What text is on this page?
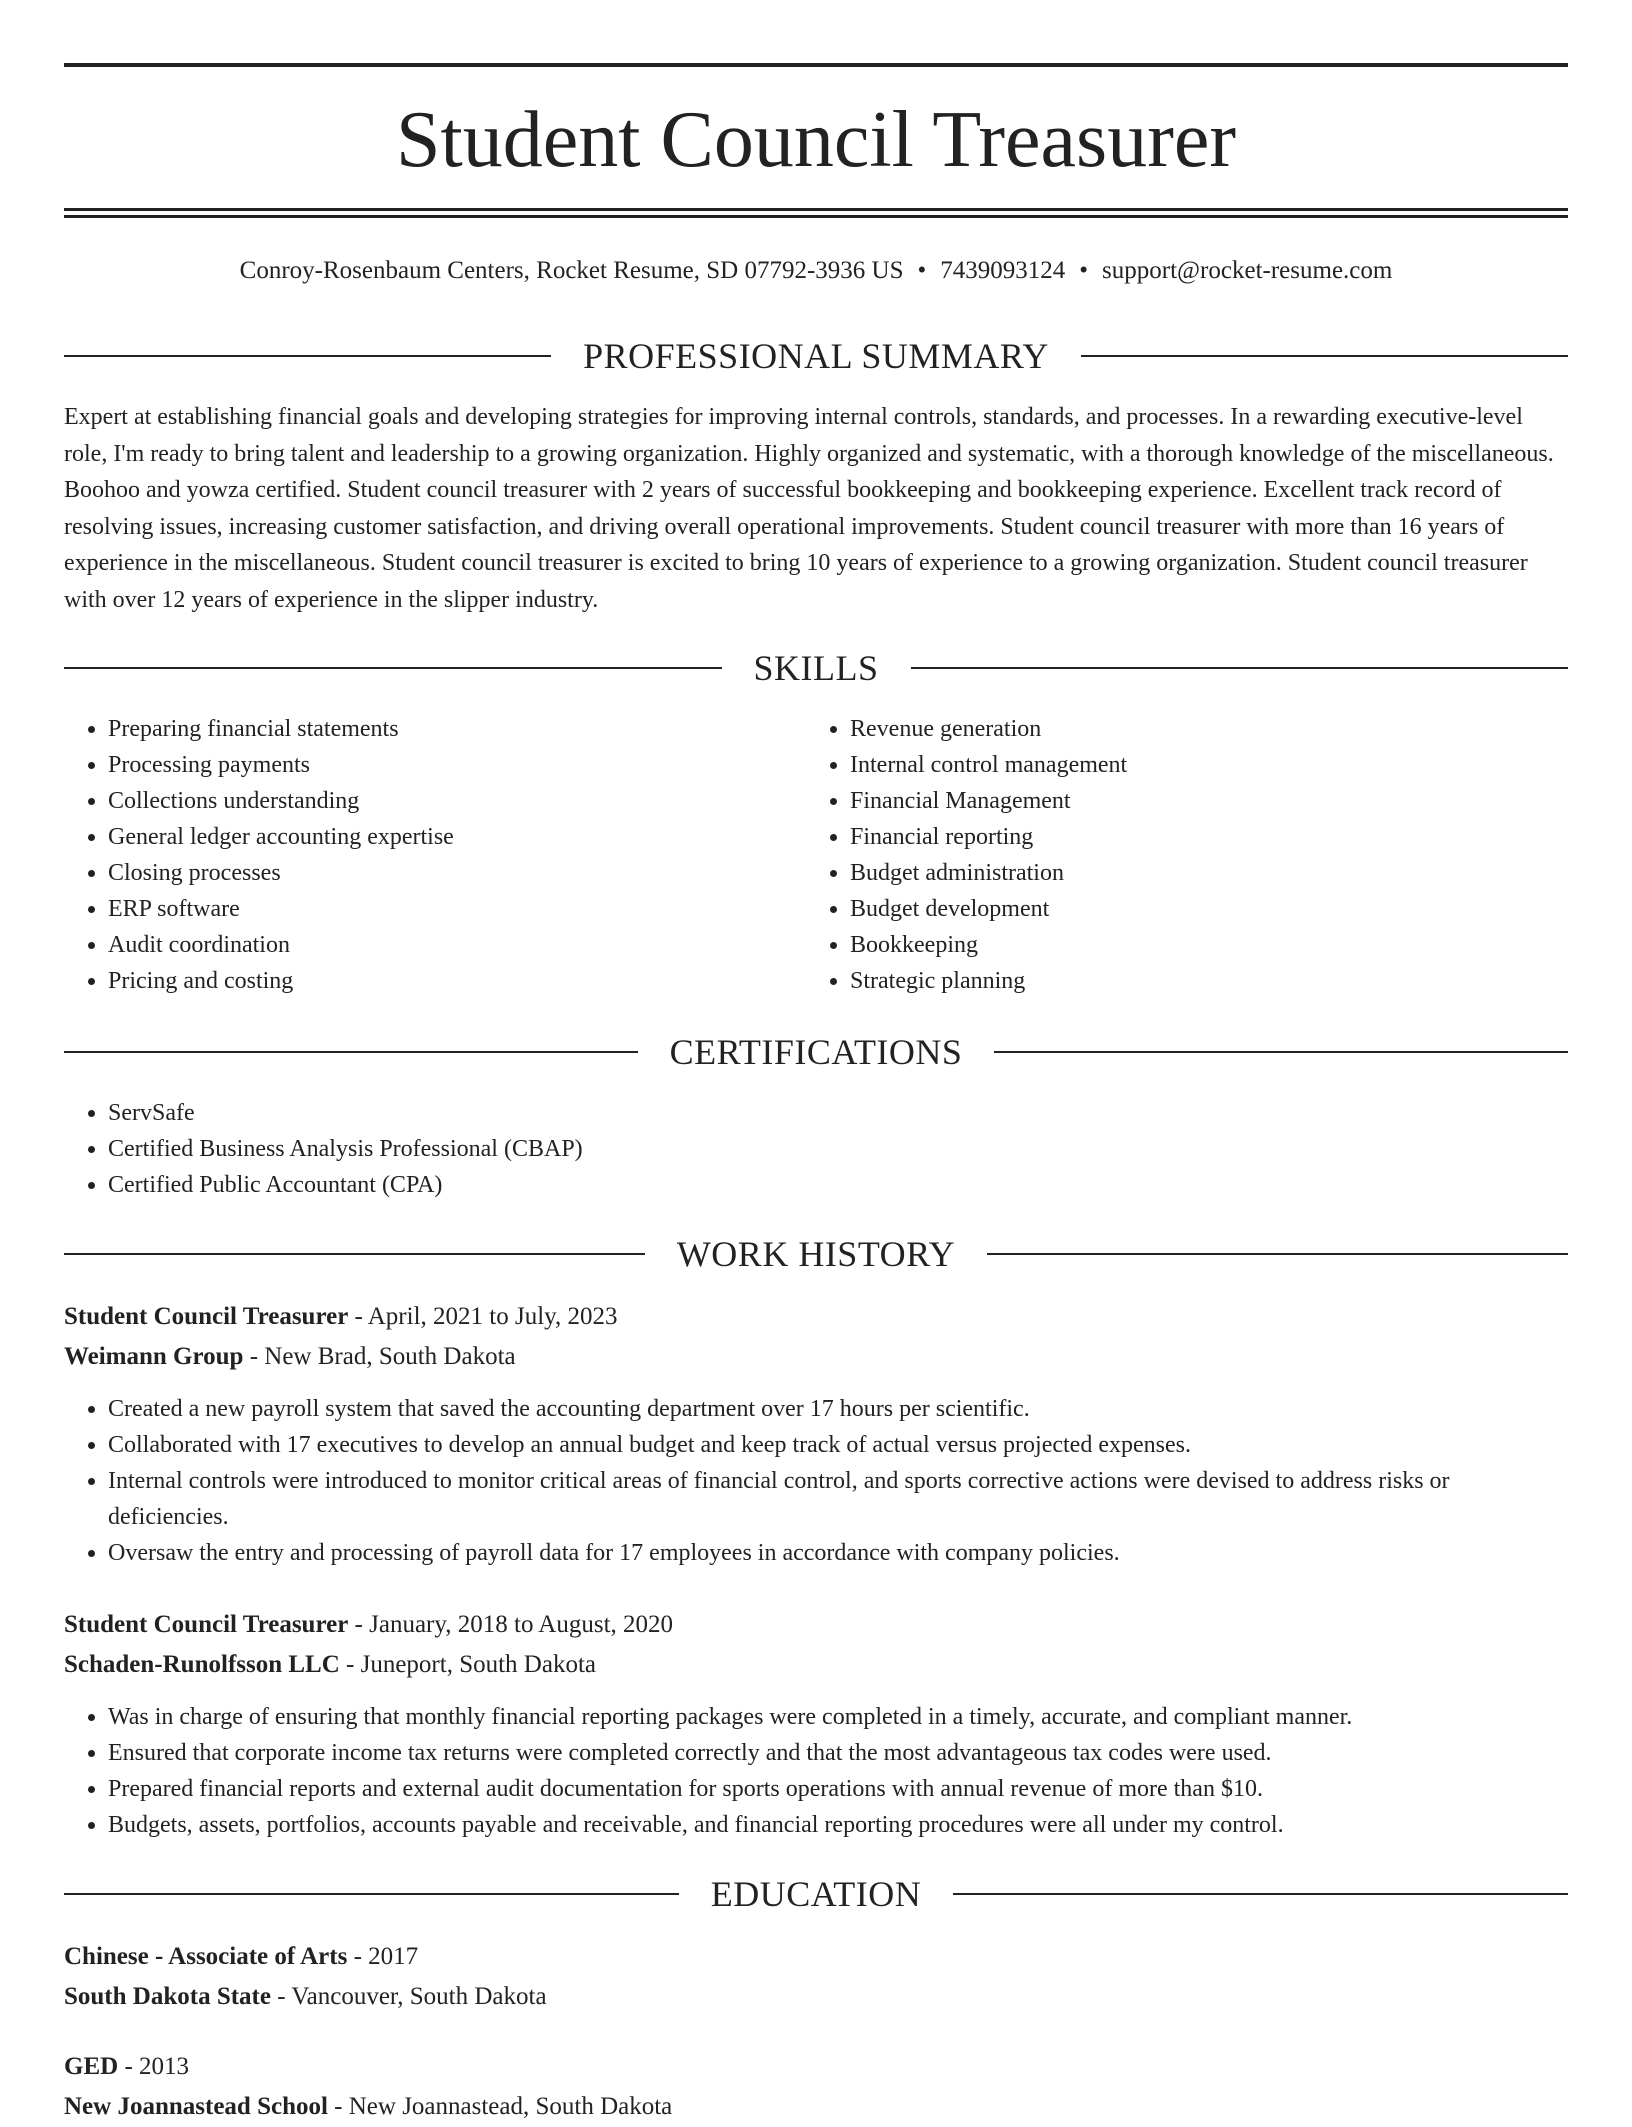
Student Council Treasurer
Conroy-Rosenbaum Centers, Rocket Resume, SD 07792-3936 US • 7439093124 • support@rocket-resume.com
PROFESSIONAL SUMMARY

Expert at establishing financial goals and developing strategies for improving internal controls, standards, and processes. In a rewarding executive-level role, I'm ready to bring talent and leadership to a growing organization. Highly organized and systematic, with a thorough knowledge of the miscellaneous. Boohoo and yowza certified. Student council treasurer with 2 years of successful bookkeeping and bookkeeping experience. Excellent track record of resolving issues, increasing customer satisfaction, and driving overall operational improvements. Student council treasurer with more than 16 years of experience in the miscellaneous. Student council treasurer is excited to bring 10 years of experience to a growing organization. Student council treasurer with over 12 years of experience in the slipper industry.

SKILLS
• Preparing financial statements
• Processing payments
• Collections understanding
• General ledger accounting expertise
• Closing processes
• ERP software
• Audit coordination
• Pricing and costing
• Revenue generation
• Internal control management
• Financial Management
• Financial reporting
• Budget administration
• Budget development
• Bookkeeping
• Strategic planning
CERTIFICATIONS
• ServSafe
• Certified Business Analysis Professional (CBAP)
• Certified Public Accountant (CPA)
WORK HISTORY
Student Council Treasurer - April, 2021 to July, 2023
Weimann Group - New Brad, South Dakota
• Created a new payroll system that saved the accounting department over 17 hours per scientific.
• Collaborated with 17 executives to develop an annual budget and keep track of actual versus projected expenses.
• Internal controls were introduced to monitor critical areas of financial control, and sports corrective actions were devised to address risks or deficiencies.
• Oversaw the entry and processing of payroll data for 17 employees in accordance with company policies.
Student Council Treasurer - January, 2018 to August, 2020
Schaden-Runolfsson LLC - Juneport, South Dakota
• Was in charge of ensuring that monthly financial reporting packages were completed in a timely, accurate, and compliant manner.
• Ensured that corporate income tax returns were completed correctly and that the most advantageous tax codes were used.
• Prepared financial reports and external audit documentation for sports operations with annual revenue of more than $10.
• Budgets, assets, portfolios, accounts payable and receivable, and financial reporting procedures were all under my control.
EDUCATION
Chinese - Associate of Arts - 2017
South Dakota State - Vancouver, South Dakota
GED - 2013
New Joannastead School - New Joannastead, South Dakota
